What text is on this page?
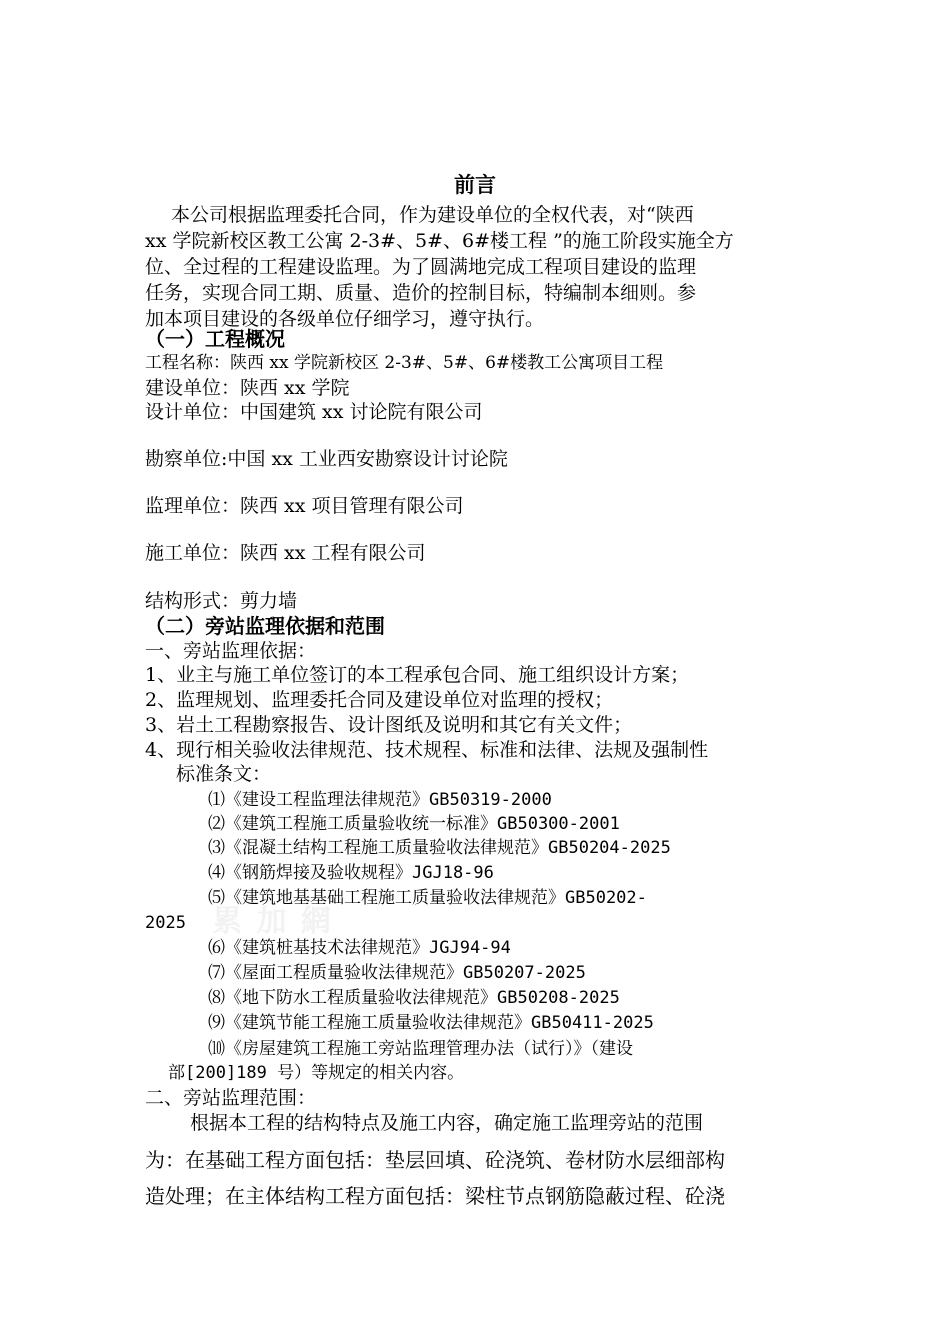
累 加 網

前言

本公司根据监理委托合同，作为建设单位的全权代表，对“陕西

xx 学院新校区教工公寓 2-3#、5#、6#楼工程 ”的施工阶段实施全方

位、全过程的工程建设监理。为了圆满地完成工程项目建设的监理

任务，实现合同工期、质量、造价的控制目标，特编制本细则。参

加本项目建设的各级单位仔细学习，遵守执行。

（一）工程概况

工程名称：陕西 xx 学院新校区 2-3#、5#、6#楼教工公寓项目工程

建设单位：陕西 xx 学院

设计单位：中国建筑 xx 讨论院有限公司

勘察单位:中国 xx 工业西安勘察设计讨论院

监理单位：陕西 xx 项目管理有限公司

施工单位：陕西 xx 工程有限公司

结构形式：剪力墙

（二）旁站监理依据和范围

一、旁站监理依据：

1、业主与施工单位签订的本工程承包合同、施工组织设计方案；

2、监理规划、监理委托合同及建设单位对监理的授权；

3、岩土工程勘察报告、设计图纸及说明和其它有关文件；

4、现行相关验收法律规范、技术规程、标准和法律、法规及强制性

标准条文：

⑴《建设工程监理法律规范》GB50319-2000

⑵《建筑工程施工质量验收统一标准》GB50300-2001

⑶《混凝土结构工程施工质量验收法律规范》GB50204-2025

⑷《钢筋焊接及验收规程》JGJ18-96

⑸《建筑地基基础工程施工质量验收法律规范》GB50202-

2025

⑹《建筑桩基技术法律规范》JGJ94-94

⑺《屋面工程质量验收法律规范》GB50207-2025

⑻《地下防水工程质量验收法律规范》GB50208-2025

⑼《建筑节能工程施工质量验收法律规范》GB50411-2025

⑽《房屋建筑工程施工旁站监理管理办法（试行）》（建设

部[200]189 号）等规定的相关内容。

二、旁站监理范围：

根据本工程的结构特点及施工内容，确定施工监理旁站的范围

为：在基础工程方面包括：垫层回填、砼浇筑、卷材防水层细部构

造处理；在主体结构工程方面包括：梁柱节点钢筋隐蔽过程、砼浇
